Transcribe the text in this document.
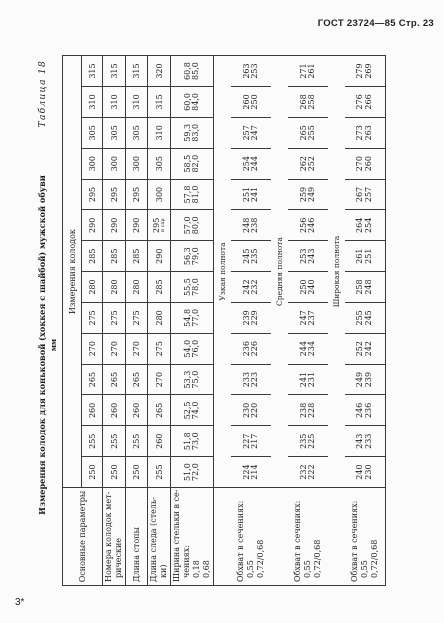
ГОСТ 23724—85 Стр. 23
3*
Измерения колодок для коньковой (хоккея с шайбой) мужской обуви мм
Таблица 18
Основные параметры	Измерения колодок													
	250	255	260	265	270	275	280	285	290	295	300	305	310	315

Номера колодок мет- рические	250	255	260	265	270	275	280	285	290	295	300	305	310	315

Длина стопы	250	255	260	265	270	275	280	285	290	295	300	305	310	315

Длина следа (стель- ки)	255	260	265	270	275	280	285	290	295 и сар	300	305	310	315	320

Ширина стельки в се- чениях: 0,18 0,68	51,0 72,0	51,8 73,0	52,5 74,0	53,3 75,0	54,0 76,0	54,8 77,0	55,5 78,0	56,3 79,0	57,0 80,0	57,8 81,0	58,5 82,0	59,3 83,0	60,0 84,0	60,8 85,0

	Узкая полнота													

Обхват в сечениях: 0,55 0,72/0,68	224 214	227 217	230 220	233 223	236 226	239 229	242 232	245 235	248 238	251 241	254 244	257 247	260 250	263 253

	Средняя полнота													

Обхват в сечениях: 0,55 0,72/0,68	232 222	235 225	238 228	241 231	244 234	247 237	250 240	253 243	256 246	259 249	262 252	265 255	268 258	271 261

	Широкая полнота													

Обхват в сечениях: 0,55 0,72/0,68	240 230	243 233	246 236	249 239	252 242	255 245	258 248	261 251	264 254	267 257	270 260	273 263	276 266	279 269
